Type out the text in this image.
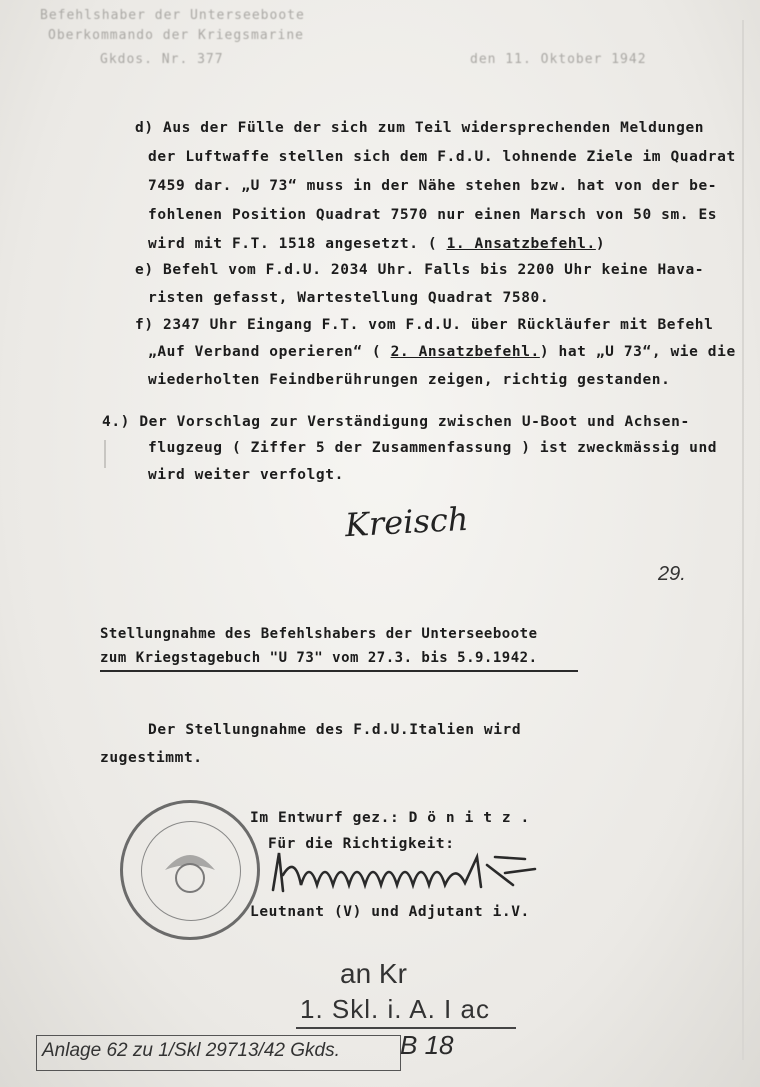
Befehlshaber der Unterseeboote
Oberkommando der Kriegsmarine
Gkdos. Nr. 377	den 11. Oktober 1942
d) Aus der Fülle der sich zum Teil widersprechenden Meldungen
der Luftwaffe stellen sich dem F.d.U. lohnende Ziele im Quadrat
7459 dar. „U 73“ muss in der Nähe stehen bzw. hat von der be-
fohlenen Position Quadrat 7570 nur einen Marsch von 50 sm. Es
wird mit F.T. 1518 angesetzt. ( 1. Ansatzbefehl.)
e) Befehl vom F.d.U. 2034 Uhr. Falls bis 2200 Uhr keine Hava-
risten gefasst, Wartestellung Quadrat 7580.
f) 2347 Uhr Eingang F.T. vom F.d.U. über Rückläufer mit Befehl
„Auf Verband operieren“ ( 2. Ansatzbefehl.) hat „U 73“, wie die
wiederholten Feindberührungen zeigen, richtig gestanden.
4.) Der Vorschlag zur Verständigung zwischen U-Boot und Achsen-
flugzeug ( Ziffer 5 der Zusammenfassung ) ist zweckmässig und
wird weiter verfolgt.
Kreisch
29.
Stellungnahme des Befehlshabers der Unterseeboote
zum Kriegstagebuch "U 73" vom 27.3. bis 5.9.1942.
Der Stellungnahme des F.d.U.Italien wird
zugestimmt.
Im Entwurf gez.: D ö n i t z .
Für die Richtigkeit:
Leutnant (V) und Adjutant i.V.
an Kr
1. Skl. i. A. I ac
Anlage 62 zu 1/Skl 29713/42 Gkds. B 18
